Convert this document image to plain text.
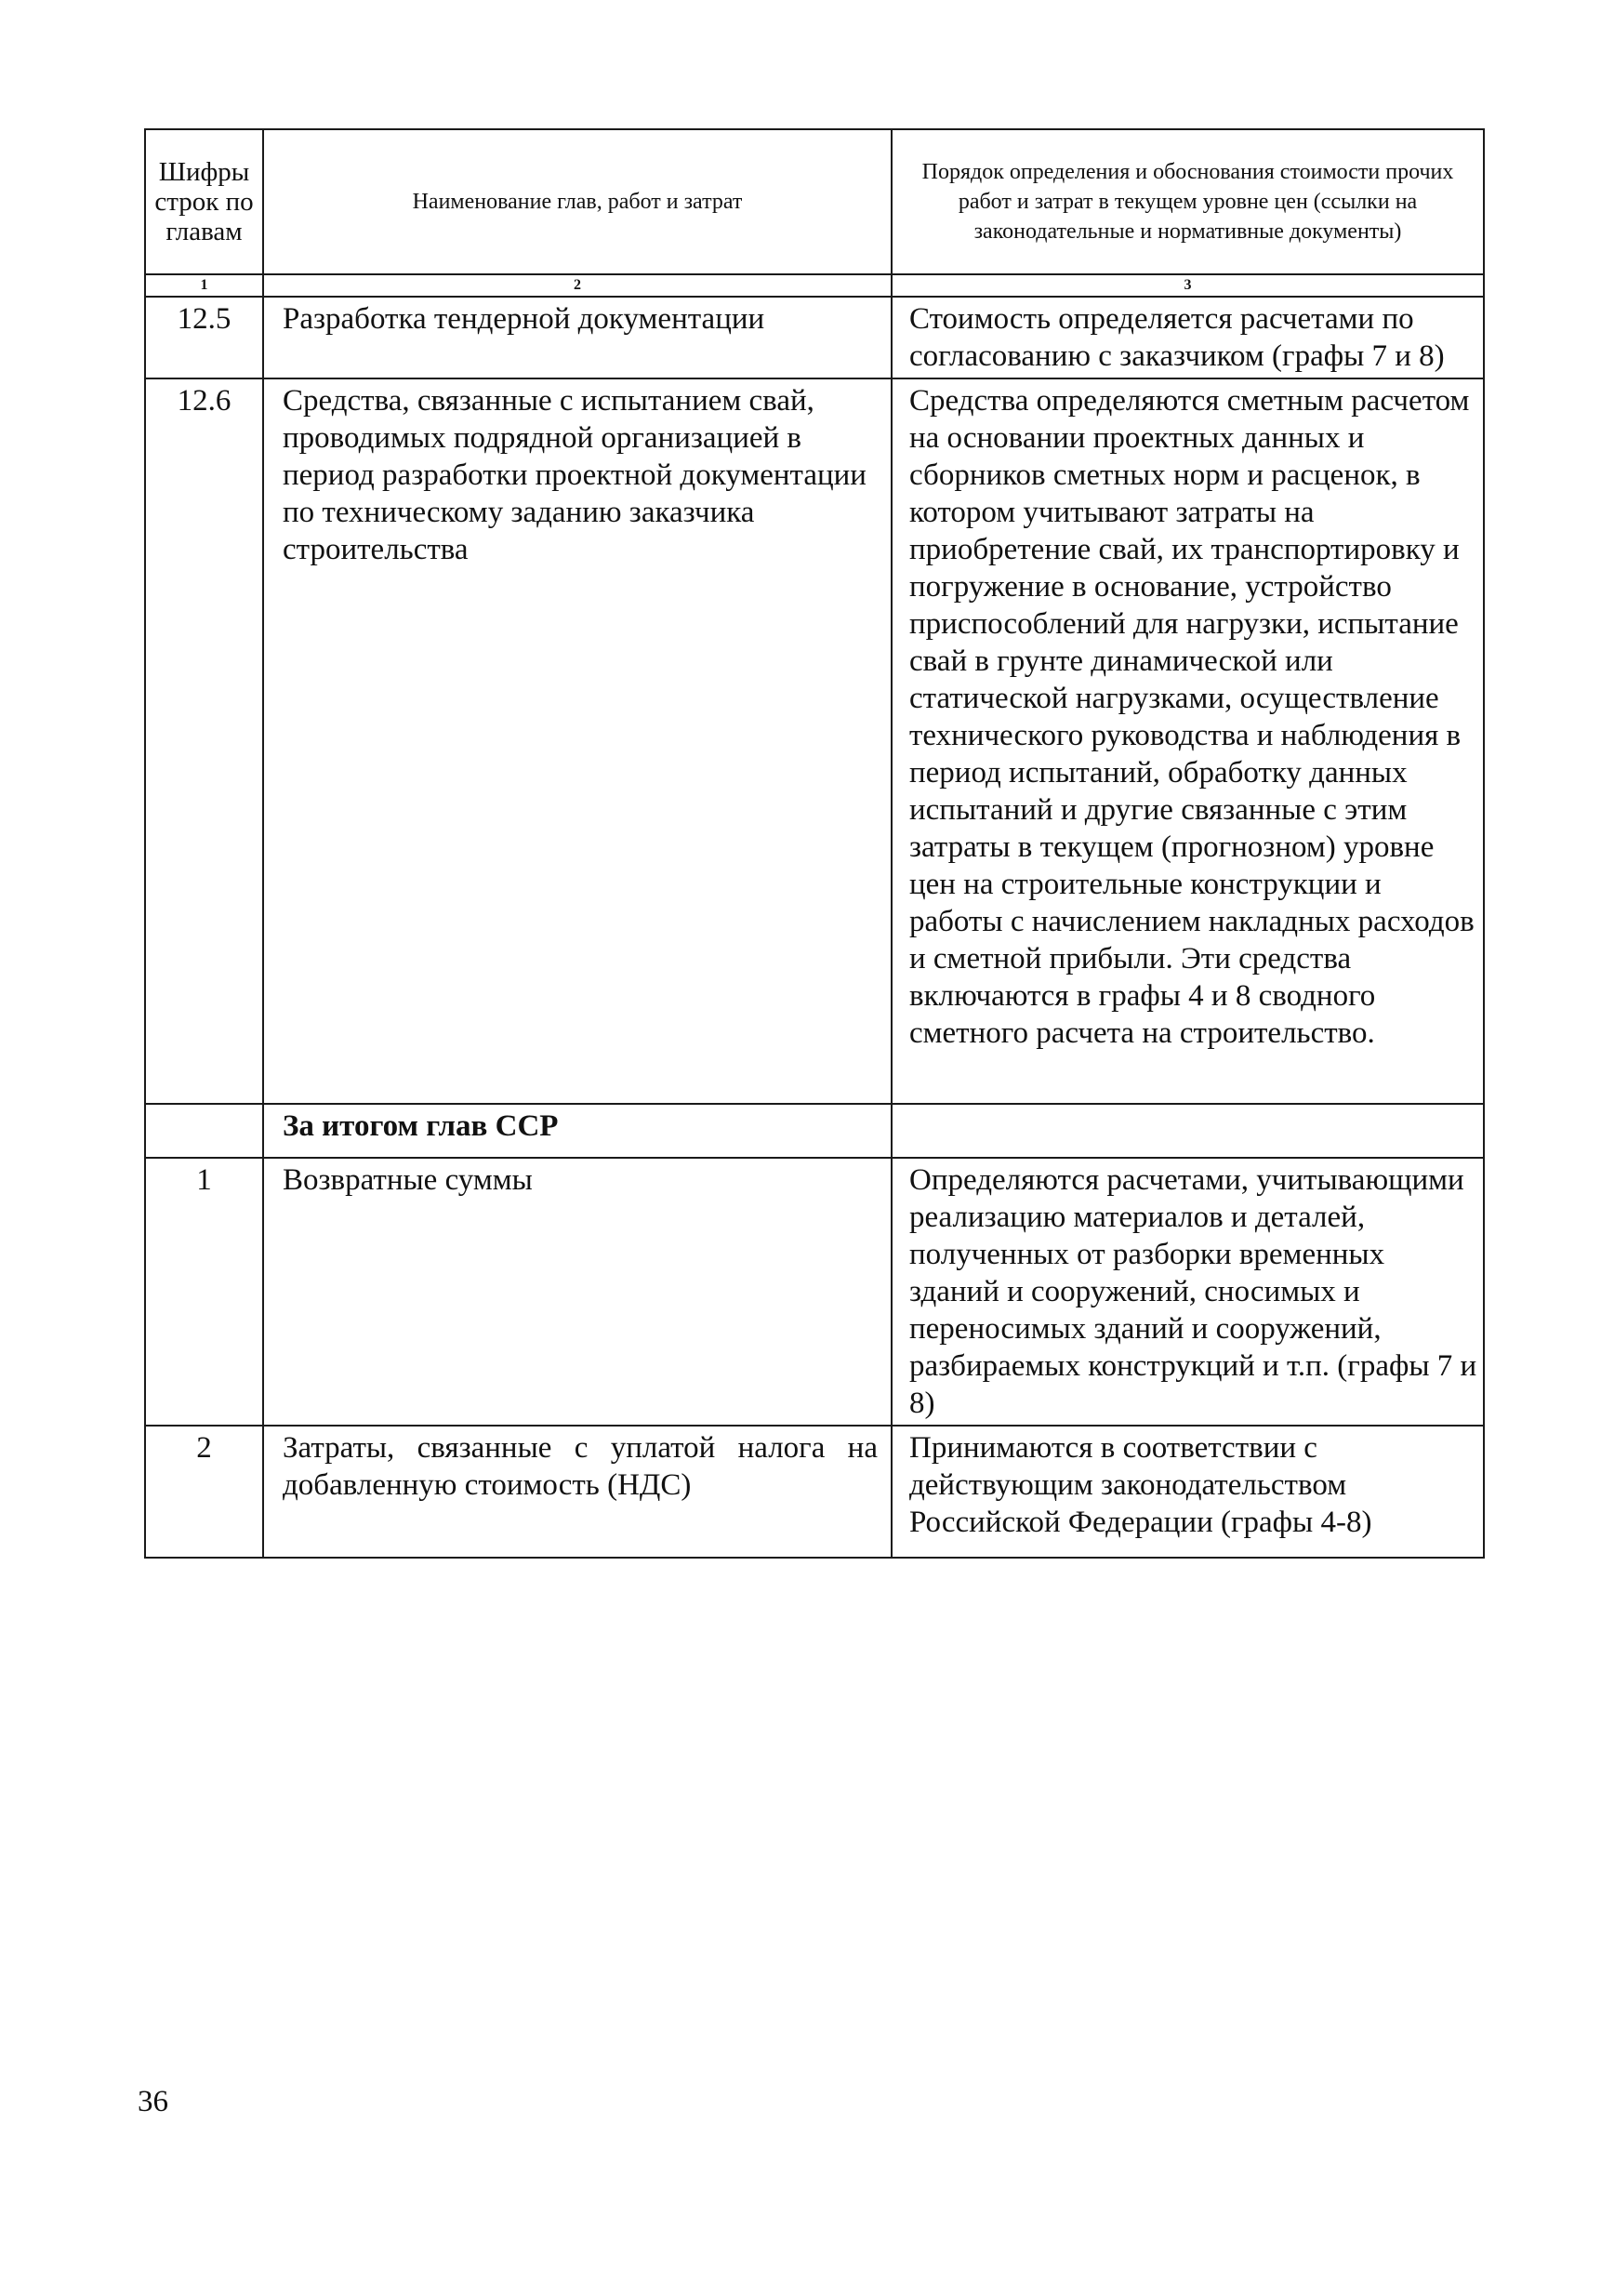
Шифры строк по главам	Наименование глав, работ и затрат	Порядок определения и обоснования стоимости прочих работ и затрат в текущем уровне цен (ссылки на законодательные и нормативные документы)
1	2	3
12.5	Разработка тендерной документации	Стоимость определяется расчетами по согласованию с заказчиком (графы 7 и 8)
12.6	Средства, связанные с испытанием свай, проводимых подрядной организацией в период разработки проектной документации по техническому заданию заказчика строительства	Средства определяются сметным расчетом на основании проектных данных и сборников сметных норм и расценок, в котором учитывают затраты на приобретение свай, их транспортировку и погружение в основание, устройство приспособлений для нагрузки, испытание свай в грунте динамической или статической нагрузками, осуществление технического руководства и наблюдения в период испытаний, обработку данных испытаний и другие связанные с этим затраты в текущем (прогнозном) уровне цен на строительные конструкции и работы с начислением накладных расходов и сметной прибыли. Эти средства включаются в графы 4 и 8 сводного сметного расчета на строительство.
	За итогом глав ССР	
1	Возвратные суммы	Определяются расчетами, учитывающими реализацию материалов и деталей, полученных от разборки временных зданий и сооружений, сносимых и переносимых зданий и сооружений, разбираемых конструкций и т.п. (графы 7 и 8)
2	Затраты, связанные с уплатой налога на добавленную стоимость (НДС)	Принимаются в соответствии с действующим законодательством Российской Федерации (графы 4-8)
36
